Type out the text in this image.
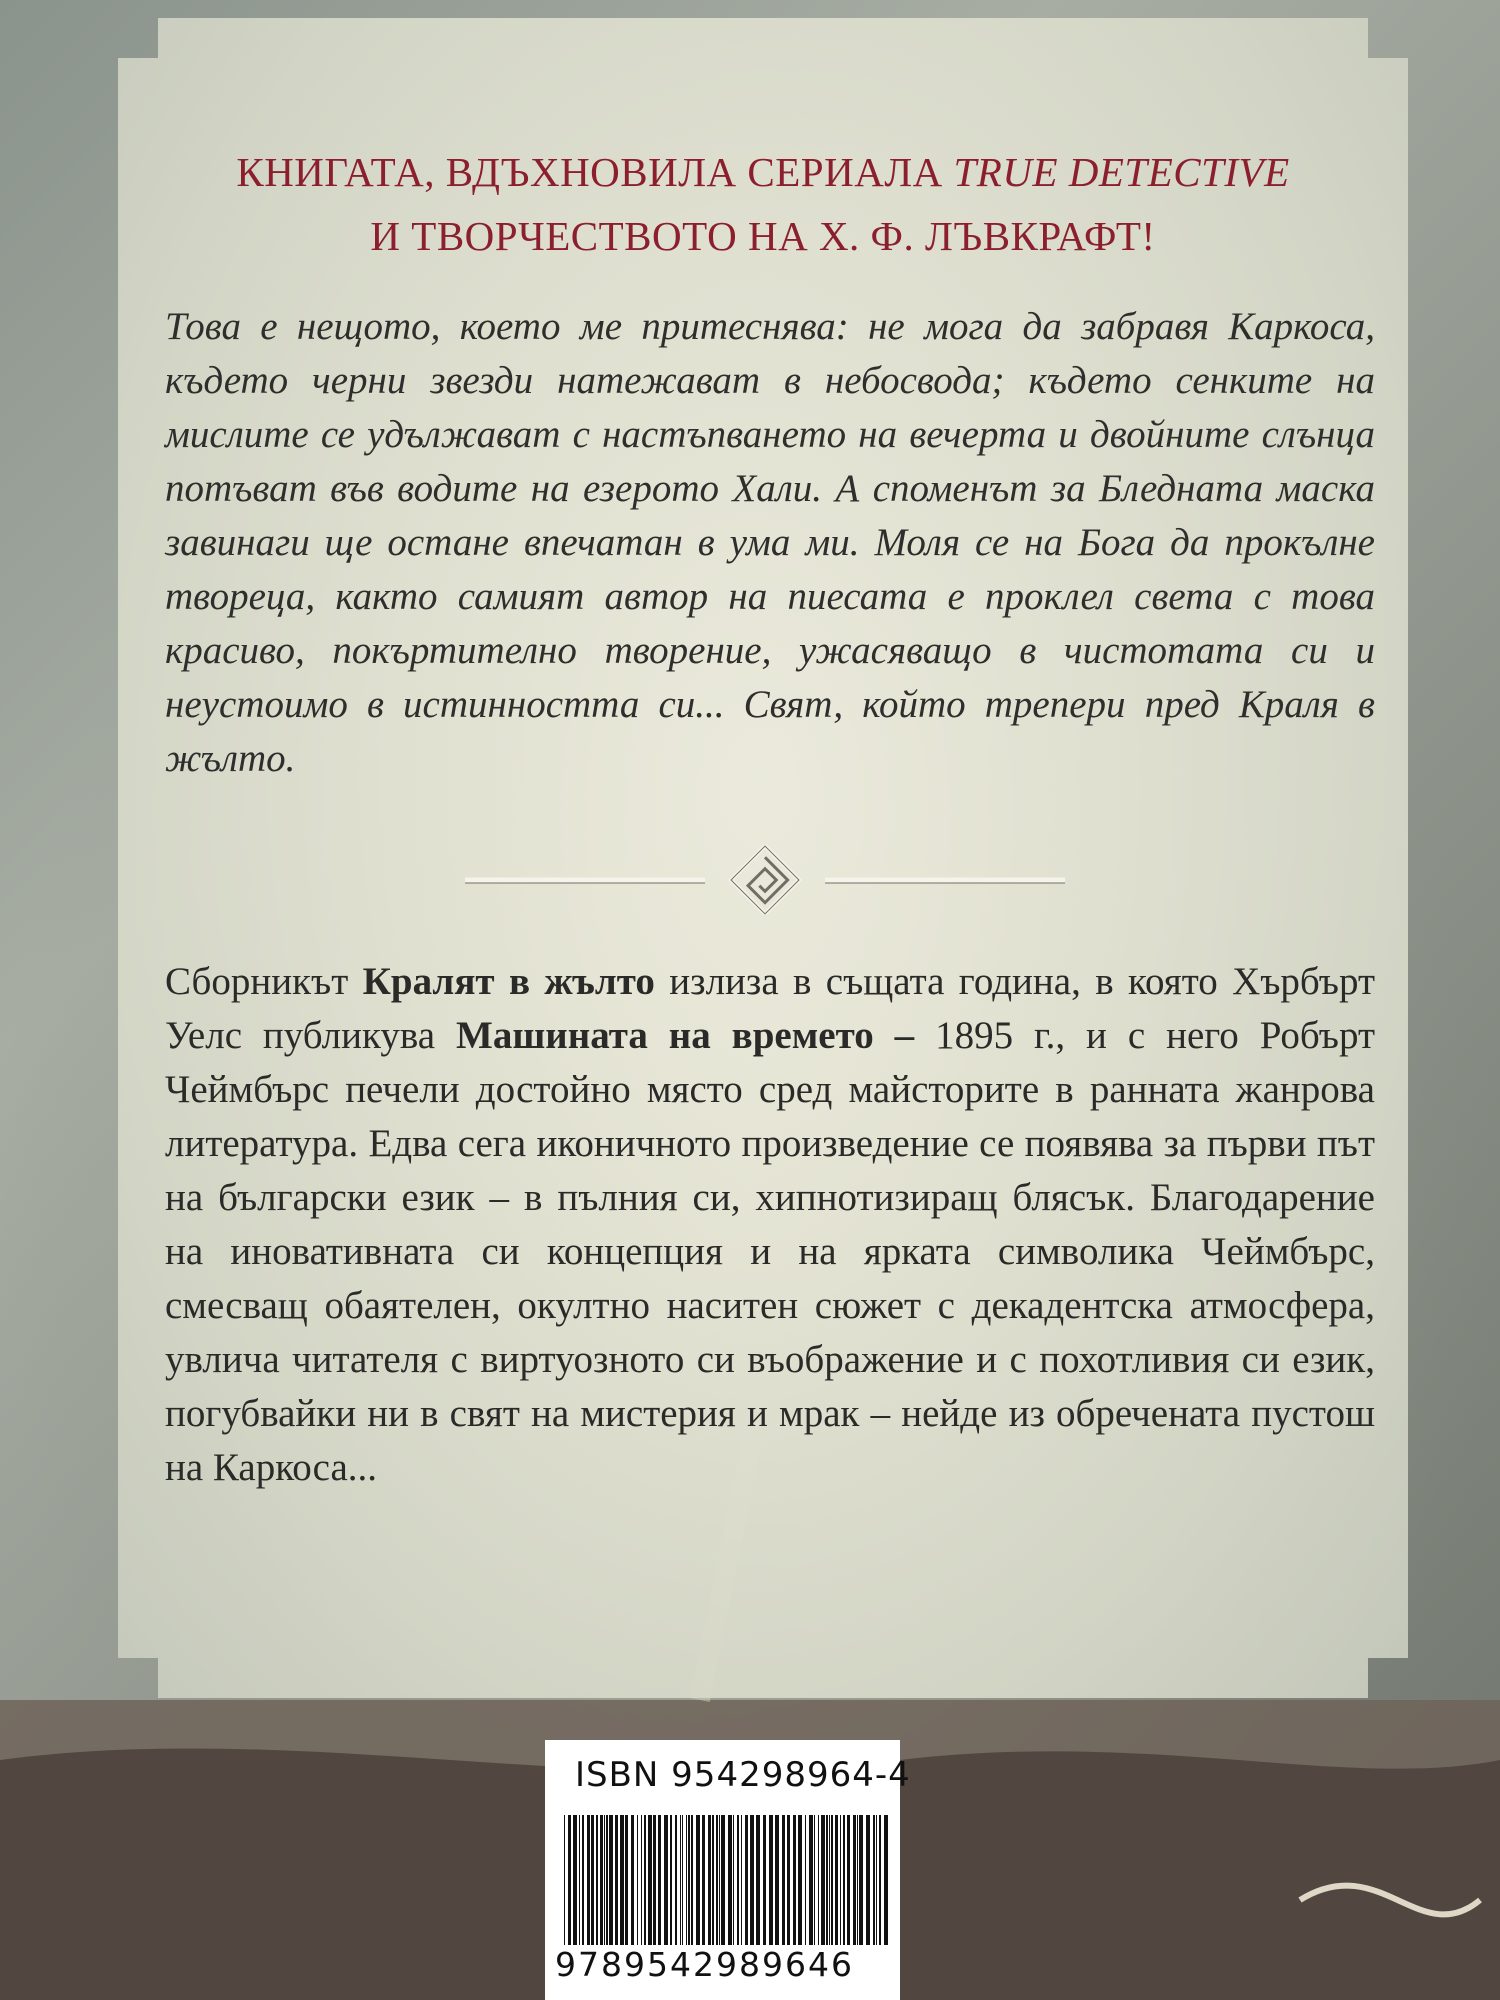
КНИГАТА, ВДЪХНОВИЛА СЕРИАЛА TRUE DETECTIVE
И ТВОРЧЕСТВОТО НА Х. Ф. ЛЪВКРАФТ!
Това е нещото, което ме притеснява: не мога да забравя Каркоса, където черни звезди натежават в небосвода; където сенките на мислите се удължават с настъпването на вечерта и двойните слънца потъват във водите на езерото Хали. А споменът за Бледната маска завинаги ще остане впечатан в ума ми. Моля се на Бога да прокълне твореца, както самият автор на пиесата е проклел света с това красиво, покъртително творение, ужасяващо в чистотата си и неустоимо в истинността си... Свят, който трепери пред Краля в жълто.
Сборникът Кралят в жълто излиза в същата година, в която Хърбърт Уелс публикува Машината на времето – 1895 г., и с него Робърт Чеймбърс печели достойно място сред майсторите в ранната жанрова литература. Едва сега иконичното произведение се появява за първи път на български език – в пълния си, хипнотизиращ блясък. Благодарение на иновативната си концепция и на ярката символика Чеймбърс, смесващ обаятелен, окултно наситен сюжет с декадентска атмосфера, увлича читателя с виртуозното си въображение и с похотливия си език, погубвайки ни в свят на мистерия и мрак – нейде из обречената пустош на Каркоса...
ISBN 954298964-4
9789542989646
